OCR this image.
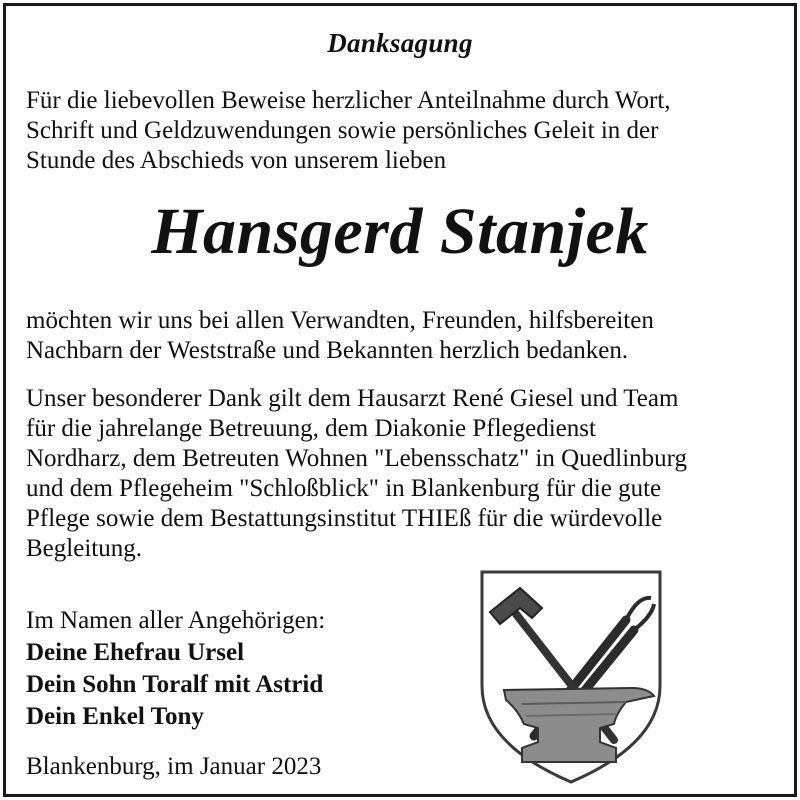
Danksagung
Für die liebevollen Beweise herzlicher Anteilnahme durch Wort,
Schrift und Geldzuwendungen sowie persönliches Geleit in der
Stunde des Abschieds von unserem lieben
Hansgerd Stanjek
möchten wir uns bei allen Verwandten, Freunden, hilfsbereiten
Nachbarn der Weststraße und Bekannten herzlich bedanken.
Unser besonderer Dank gilt dem Hausarzt René Giesel und Team
für die jahrelange Betreuung, dem Diakonie Pflegedienst
Nordharz, dem Betreuten Wohnen "Lebensschatz" in Quedlinburg
und dem Pflegeheim "Schloßblick" in Blankenburg für die gute
Pflege sowie dem Bestattungsinstitut THIEß für die würdevolle
Begleitung.
Im Namen aller Angehörigen:
Deine Ehefrau Ursel
Dein Sohn Toralf mit Astrid
Dein Enkel Tony
Blankenburg, im Januar 2023
